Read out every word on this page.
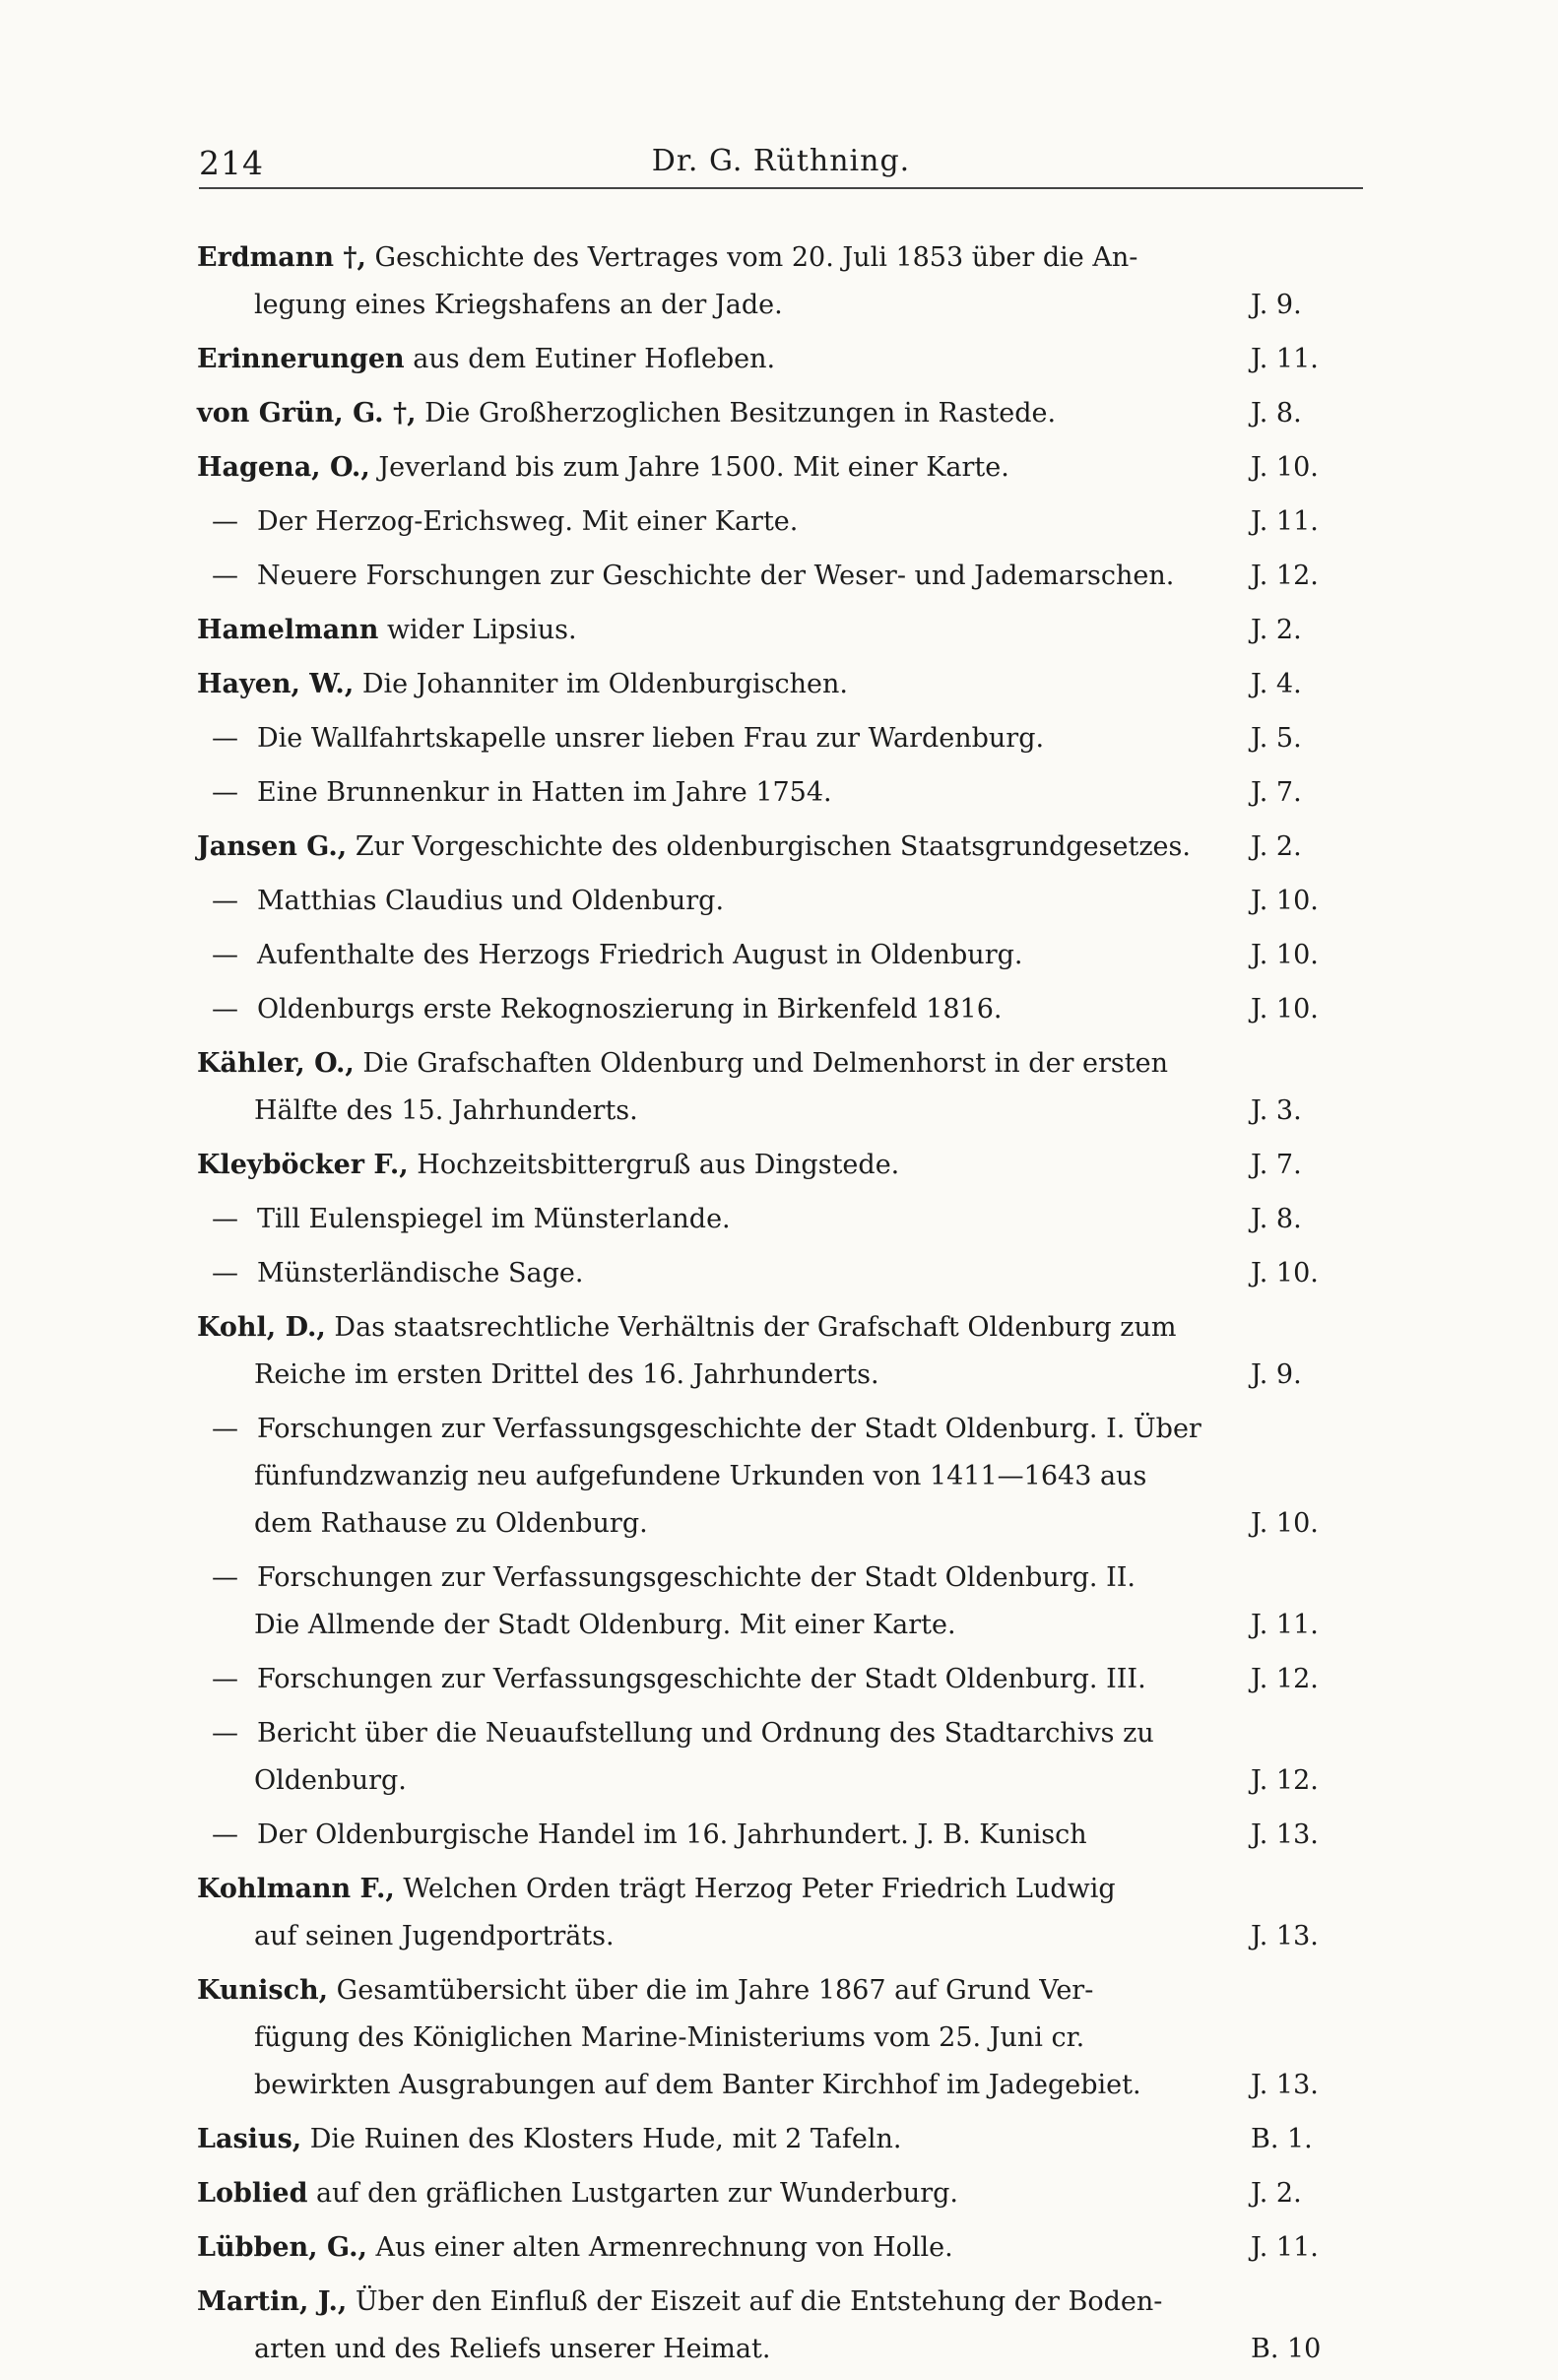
214	Dr. G. Rüthning.
Erdmann †, Geschichte des Vertrages vom 20. Juli 1853 über die An-
legung eines Kriegshafens an der Jade.	J. 9.
Erinnerungen aus dem Eutiner Hofleben.	J. 11.
von Grün, G. †, Die Großherzoglichen Besitzungen in Rastede.	J. 8.
Hagena, O., Jeverland bis zum Jahre 1500. Mit einer Karte.	J. 10.
— Der Herzog-Erichsweg. Mit einer Karte.	J. 11.
— Neuere Forschungen zur Geschichte der Weser- und Jademarschen.	J. 12.
Hamelmann wider Lipsius.	J. 2.
Hayen, W., Die Johanniter im Oldenburgischen.	J. 4.
— Die Wallfahrtskapelle unsrer lieben Frau zur Wardenburg.	J. 5.
— Eine Brunnenkur in Hatten im Jahre 1754.	J. 7.
Jansen G., Zur Vorgeschichte des oldenburgischen Staatsgrundgesetzes. J. 2.
— Matthias Claudius und Oldenburg.	J. 10.
— Aufenthalte des Herzogs Friedrich August in Oldenburg.	J. 10.
— Oldenburgs erste Rekognoszierung in Birkenfeld 1816.	J. 10.
Kähler, O., Die Grafschaften Oldenburg und Delmenhorst in der ersten
Hälfte des 15. Jahrhunderts.	J. 3.
Kleyböcker F., Hochzeitsbittergruß aus Dingstede.	J. 7.
— Till Eulenspiegel im Münsterlande.	J. 8.
— Münsterländische Sage.	J. 10.
Kohl, D., Das staatsrechtliche Verhältnis der Grafschaft Oldenburg zum
Reiche im ersten Drittel des 16. Jahrhunderts.	J. 9.
— Forschungen zur Verfassungsgeschichte der Stadt Oldenburg. I. Über
fünfundzwanzig neu aufgefundene Urkunden von 1411—1643 aus
dem Rathause zu Oldenburg.	J. 10.
— Forschungen zur Verfassungsgeschichte der Stadt Oldenburg. II.
Die Allmende der Stadt Oldenburg. Mit einer Karte.	J. 11.
— Forschungen zur Verfassungsgeschichte der Stadt Oldenburg. III.	J. 12.
— Bericht über die Neuaufstellung und Ordnung des Stadtarchivs zu
Oldenburg.	J. 12.
— Der Oldenburgische Handel im 16. Jahrhundert. J. B. Kunisch	J. 13.
Kohlmann F., Welchen Orden trägt Herzog Peter Friedrich Ludwig
auf seinen Jugendporträts.	J. 13.
Kunisch, Gesamtübersicht über die im Jahre 1867 auf Grund Ver-
fügung des Königlichen Marine-Ministeriums vom 25. Juni cr.
bewirkten Ausgrabungen auf dem Banter Kirchhof im Jadegebiet.	J. 13.
Lasius, Die Ruinen des Klosters Hude, mit 2 Tafeln.	B. 1.
Loblied auf den gräflichen Lustgarten zur Wunderburg.	J. 2.
Lübben, G., Aus einer alten Armenrechnung von Holle.	J. 11.
Martin, J., Über den Einfluß der Eiszeit auf die Entstehung der Boden-
arten und des Reliefs unserer Heimat.	B. 10
